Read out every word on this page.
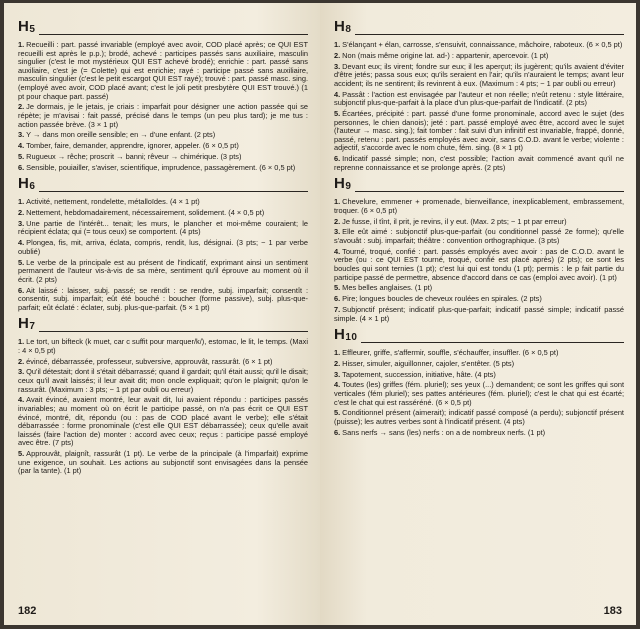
$H_5$

1. Recueilli : part. passé invariable (employé avec avoir, COD placé après; ce QUI EST recueilli est après le p.p.); brodé, achevé : participes passés sans auxiliaire, masculin singulier (c'est le mot mystérieux QUI EST achevé brodé); enrichie : part. passé sans auxiliaire, c'est je (= Colette) qui est enrichie; rayé : participe passé sans auxiliaire, masculin singulier (c'est le petit escargot QUI EST rayé); trouvé : part. passé masc. sing. (employé avec avoir, COD placé avant; c'est le joli petit presbytère QUI EST trouvé.) (1 pt pour chaque part. passé)

2. Je dormais, je le jetais, je criais : imparfait pour désigner une action passée qui se répète; je m'avisai : fait passé, précisé dans le temps (un peu plus tard); je me tus : action passée brève. (3 × 1 pt)

3. Y → dans mon oreille sensible; en → d'une enfant. (2 pts)

4. Tomber, faire, demander, apprendre, ignorer, appeler. (6 × 0,5 pt)

5. Rugueux → rêche; proscrit → banni; rêveur → chimérique. (3 pts)

6. Sensible, pouiailler, s'aviser, scientifique, imprudence, passagèrement. (6 × 0,5 pt)

$H_6$

1. Activité, nettement, rondelette, métalloïdes. (4 × 1 pt)

2. Nettement, hebdomadairement, nécessairement, solidement. (4 × 0,5 pt)

3. Une partie de l'intérêt... tenait; les murs, le plancher et moi-même couraient; le récipient éclata; qui (= tous ceux) se comportent. (4 pts)

4. Plongea, fis, mit, arriva, éclata, compris, rendit, lus, désignai. (3 pts; − 1 par verbe oublié)

5. Le verbe de la principale est au présent de l'indicatif, exprimant ainsi un sentiment permanent de l'auteur vis-à-vis de sa mère, sentiment qu'il éprouve au moment où il écrit. (2 pts)

6. Ait laissé : laisser, subj. passé; se rendit : se rendre, subj. imparfait; consentît : consentir, subj. imparfait; eût été bouché : boucher (forme passive), subj. plus-que-parfait; eût éclaté : éclater, subj. plus-que-parfait. (5 × 1 pt)

$H_7$

1. Le tort, un bifteck (k muet, car c suffit pour marquer/k/), estomac, le lit, le temps. (Maxi : 4 × 0,5 pt)

2. évincé, débarrassée, professeur, subversive, approuvât, rassurât. (6 × 1 pt)

3. Qu'il détestait; dont il s'était débarrassé; quand il gardait; qu'il était aussi; qu'il le disait; ceux qu'il avait laissés; il leur avait dit; mon oncle expliquait; qu'on le plaignit; qu'on le rassurât. (Maximum : 3 pts; − 1 pt par oubli ou erreur)

4. Avait évincé, avaient montré, leur avait dit, lui avaient répondu : participes passés invariables; au moment où on écrit le participe passé, on n'a pas écrit ce QUI EST évincé, montré, dit, répondu (ou : pas de COD placé avant le verbe); elle s'était débarrassée : forme pronominale (c'est elle QUI EST débarrassée); ceux qu'elle avait laissés (faire l'action de) monter : accord avec ceux; reçus : participe passé employé avec être. (7 pts)

5. Approuvât, plaignît, rassurât (1 pt). Le verbe de la principale (à l'imparfait) exprime une exigence, un souhait. Les actions au subjonctif sont envisagées dans la pensée (par la tante). (1 pt)

182
$H_8$

1. S'élançant + élan, carrosse, s'ensuivit, connaissance, mâchoire, raboteux. (6 × 0,5 pt)

2. Non (mais même origine lat. ad-) : appartenir, apercevoir. (1 pt)

3. Devant eux; ils virent; fondre sur eux; il les aperçut; ils jugèrent; qu'ils avaient d'éviter d'être jetés; passa sous eux; qu'ils seraient en l'air; qu'ils n'auraient le temps; avant leur accident; ils ne sentirent; ils revinrent à eux. (Maximum : 4 pts; − 1 par oubli ou erreur)

4. Passât : l'action est envisagée par l'auteur et non réelle; n'eût retenu : style littéraire, subjonctif plus-que-parfait à la place d'un plus-que-parfait de l'indicatif. (2 pts)

5. Écartées, précipité : part. passé d'une forme pronominale, accord avec le sujet (des personnes, le chien danois); jeté : part. passé employé avec être, accord avec le sujet (l'auteur → masc. sing.); fait tomber : fait suivi d'un infinitif est invariable, frappé, donné, passé, retenu : part. passés employés avec avoir, sans C.O.D. avant le verbe; violente : adjectif, s'accorde avec le nom chute, fém. sing. (8 × 1 pt)

6. Indicatif passé simple; non, c'est possible; l'action avait commencé avant qu'il ne reprenne connaissance et se prolonge après. (2 pts)

$H_9$

1. Chevelure, emmener + promenade, bienveillance, inexplicablement, embrassement, troquer. (6 × 0,5 pt)

2. Je fusse, il tînt, il prit, je revins, il y eut. (Max. 2 pts; − 1 pt par erreur)

3. Elle eût aimé : subjonctif plus-que-parfait (ou conditionnel passé 2e forme); qu'elle s'avouât : subj. imparfait; théâtre : convention orthographique. (3 pts)

4. Tourné, troqué, confié : part. passés employés avec avoir : pas de C.O.D. avant le verbe (ou : ce QUI EST tourné, troqué, confié est placé après) (2 pts); ce sont les boucles qui sont ternies (1 pt); c'est lui qui est tondu (1 pt); permis : le p fait partie du participe passé de permettre, absence d'accord dans ce cas (emploi avec avoir). (1 pt)

5. Mes belles anglaises. (1 pt)

6. Pire; longues boucles de cheveux roulées en spirales. (2 pts)

7. Subjonctif présent; indicatif plus-que-parfait; indicatif passé simple; indicatif passé simple. (4 × 1 pt)

$H_{10}$

1. Effleurer, griffe, s'affermir, souffle, s'échauffer, insuffler. (6 × 0,5 pt)

2. Hisser, simuler, aiguillonner, cajoler, s'entêter. (5 pts)

3. Tapotement, succession, initiative, hâte. (4 pts)

4. Toutes (les) griffes (fém. pluriel); ses yeux (...) demandent; ce sont les griffes qui sont verticales (fém pluriel); ses pattes antérieures (fém. pluriel); c'est le chat qui est écarté; c'est le chat qui est rasséréné. (6 × 0,5 pt)

5. Conditionnel présent (aimerait); indicatif passé composé (a perdu); subjonctif présent (puisse); les autres verbes sont à l'indicatif présent. (4 pts)

6. Sans nerfs → sans (les) nerfs : on a de nombreux nerfs. (1 pt)

183
